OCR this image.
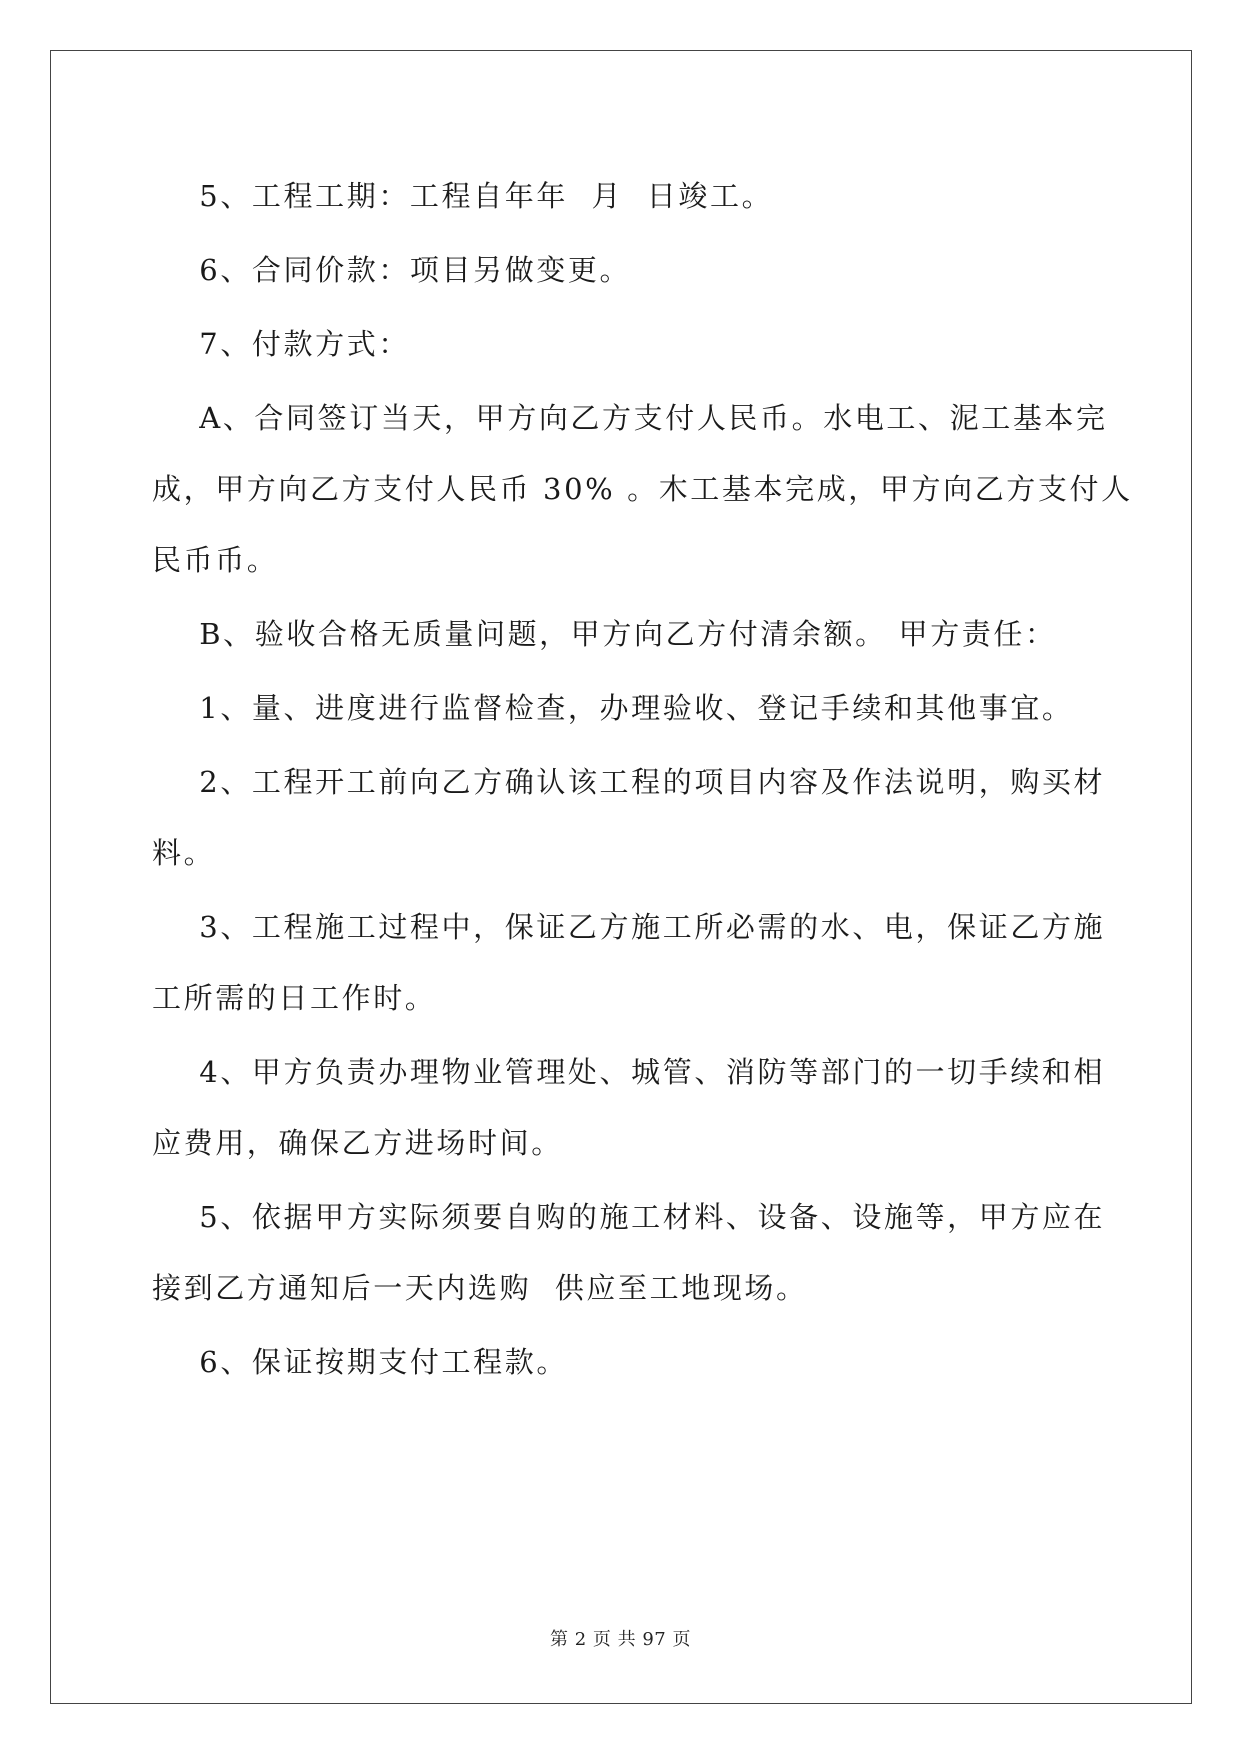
5、工程工期：工程自年年  月  日竣工。
6、合同价款：项目另做变更。
7、付款方式：
A、合同签订当天，甲方向乙方支付人民币。水电工、泥工基本完
成，甲方向乙方支付人民币 30% 。木工基本完成，甲方向乙方支付人
民币币。
B、验收合格无质量问题，甲方向乙方付清余额。 甲方责任：
1、量、进度进行监督检查，办理验收、登记手续和其他事宜。
2、工程开工前向乙方确认该工程的项目内容及作法说明，购买材
料。
3、工程施工过程中，保证乙方施工所必需的水、电，保证乙方施
工所需的日工作时。
4、甲方负责办理物业管理处、城管、消防等部门的一切手续和相
应费用，确保乙方进场时间。
5、依据甲方实际须要自购的施工材料、设备、设施等，甲方应在
接到乙方通知后一天内选购  供应至工地现场。
6、保证按期支付工程款。
第 2 页 共 97 页
